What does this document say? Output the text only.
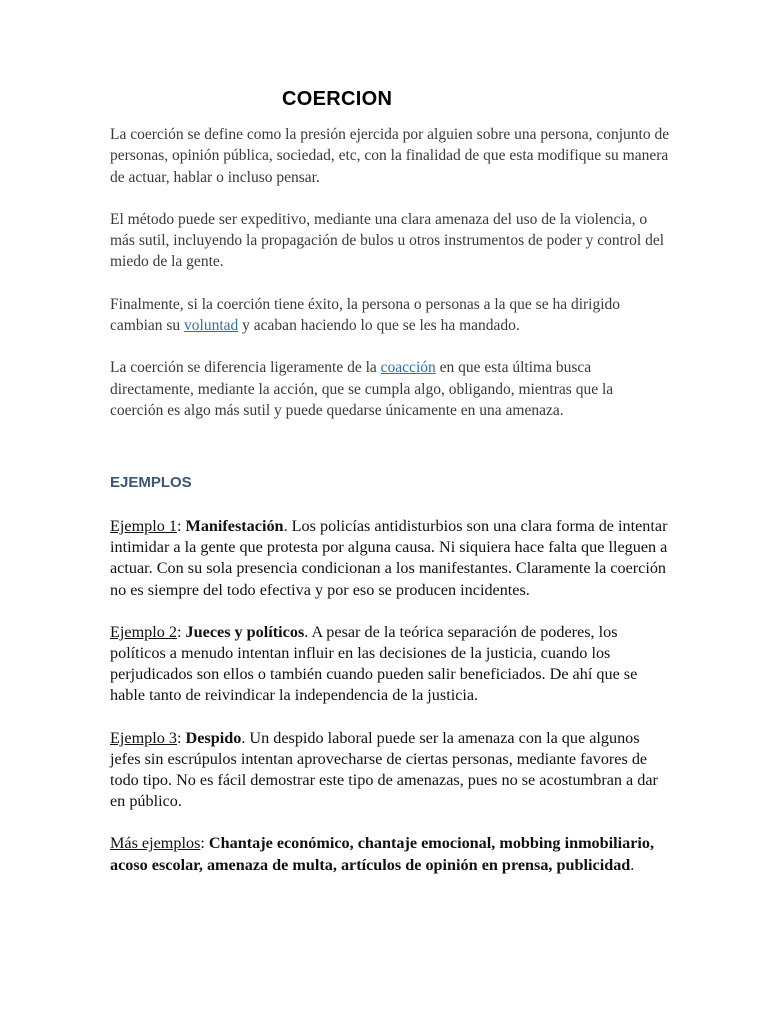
COERCION

La coerción se define como la presión ejercida por alguien sobre una persona, conjunto de personas, opinión pública, sociedad, etc, con la finalidad de que esta modifique su manera de actuar, hablar o incluso pensar.

El método puede ser expeditivo, mediante una clara amenaza del uso de la violencia, o más sutil, incluyendo la propagación de bulos u otros instrumentos de poder y control del miedo de la gente.

Finalmente, si la coerción tiene éxito, la persona o personas a la que se ha dirigido cambian su voluntad y acaban haciendo lo que se les ha mandado.

La coerción se diferencia ligeramente de la coacción en que esta última busca directamente, mediante la acción, que se cumpla algo, obligando, mientras que la coerción es algo más sutil y puede quedarse únicamente en una amenaza.

EJEMPLOS

Ejemplo 1: Manifestación. Los policías antidisturbios son una clara forma de intentar intimidar a la gente que protesta por alguna causa. Ni siquiera hace falta que lleguen a actuar. Con su sola presencia condicionan a los manifestantes. Claramente la coerción no es siempre del todo efectiva y por eso se producen incidentes.

Ejemplo 2: Jueces y políticos. A pesar de la teórica separación de poderes, los políticos a menudo intentan influir en las decisiones de la justicia, cuando los perjudicados son ellos o también cuando pueden salir beneficiados. De ahí que se hable tanto de reivindicar la independencia de la justicia.

Ejemplo 3: Despido. Un despido laboral puede ser la amenaza con la que algunos jefes sin escrúpulos intentan aprovecharse de ciertas personas, mediante favores de todo tipo. No es fácil demostrar este tipo de amenazas, pues no se acostumbran a dar en público.

Más ejemplos: Chantaje económico, chantaje emocional, mobbing inmobiliario, acoso escolar, amenaza de multa, artículos de opinión en prensa, publicidad.
